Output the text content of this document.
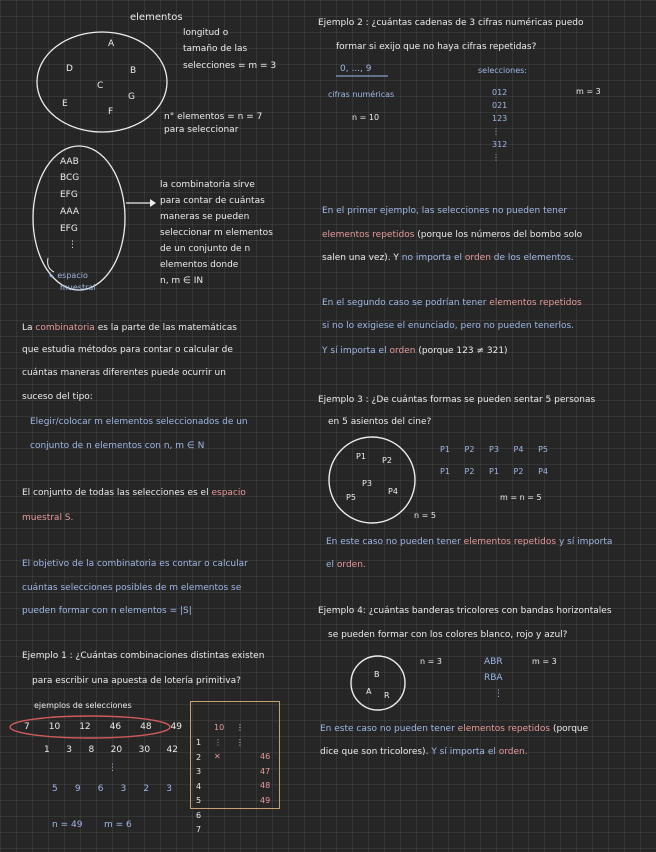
elementos
A
B
C
D
G
E
F
longitud o
tamaño de las
selecciones = m = 3
n° elementos = n = 7
para seleccionar
AAB
BCG
EFG
AAA
EFG
⋮
la combinatoria sirve
para contar de cuántas
maneras se pueden
seleccionar m elementos
de un conjunto de n
elementos donde
n, m ∈ IN
↳ espacio
muestral
La combinatoria es la parte de las matemáticas
que estudia métodos para contar o calcular de
cuántas maneras diferentes puede ocurrir un
suceso del tipo:
Elegir/colocar m elementos seleccionados de un
conjunto de n elementos con n, m ∈ N
El conjunto de todas las selecciones es el espacio
muestral S.
El objetivo de la combinatoria es contar o calcular
cuántas selecciones posibles de m elementos se
pueden formar con n elementos = |S|
Ejemplo 1 : ¿Cuántas combinaciones distintas existen
para escribir una apuesta de lotería primitiva?
ejemplos de selecciones
7 10 12 46 48 49
1 3 8 20 30 42
⋮
5 9 6 3 2 3
n = 49 m = 6

1
2
3
4
5
6
7

10
⋮
✕
⋮
⋮

46
47
48
49
Ejemplo 2 : ¿cuántas cadenas de 3 cifras numéricas puedo
formar si exijo que no haya cifras repetidas?
0, ..., 9
cifras numéricas
n = 10
selecciones:
012
021
123
⋮
312
⋮
m = 3
En el primer ejemplo, las selecciones no pueden tener
elementos repetidos (porque los números del bombo solo
salen una vez). Y no importa el orden de los elementos.
En el segundo caso se podrían tener elementos repetidos
si no lo exigiese el enunciado, pero no pueden tenerlos.
Y sí importa el orden (porque 123 ≠ 321)
Ejemplo 3 : ¿De cuántas formas se pueden sentar 5 personas
en 5 asientos del cine?
P1 P2
P3
P4
P5
n = 5
P1 P2 P3 P4 P5
P1 P2 P1 P2 P4
m = n = 5
En este caso no pueden tener elementos repetidos y sí importa
el orden.
Ejemplo 4: ¿cuántas banderas tricolores con bandas horizontales
se pueden formar con los colores blanco, rojo y azul?
B
A R
n = 3	ABR
RBA
⋮
m = 3
En este caso no pueden tener elementos repetidos (porque
dice que son tricolores). Y sí importa el orden.
